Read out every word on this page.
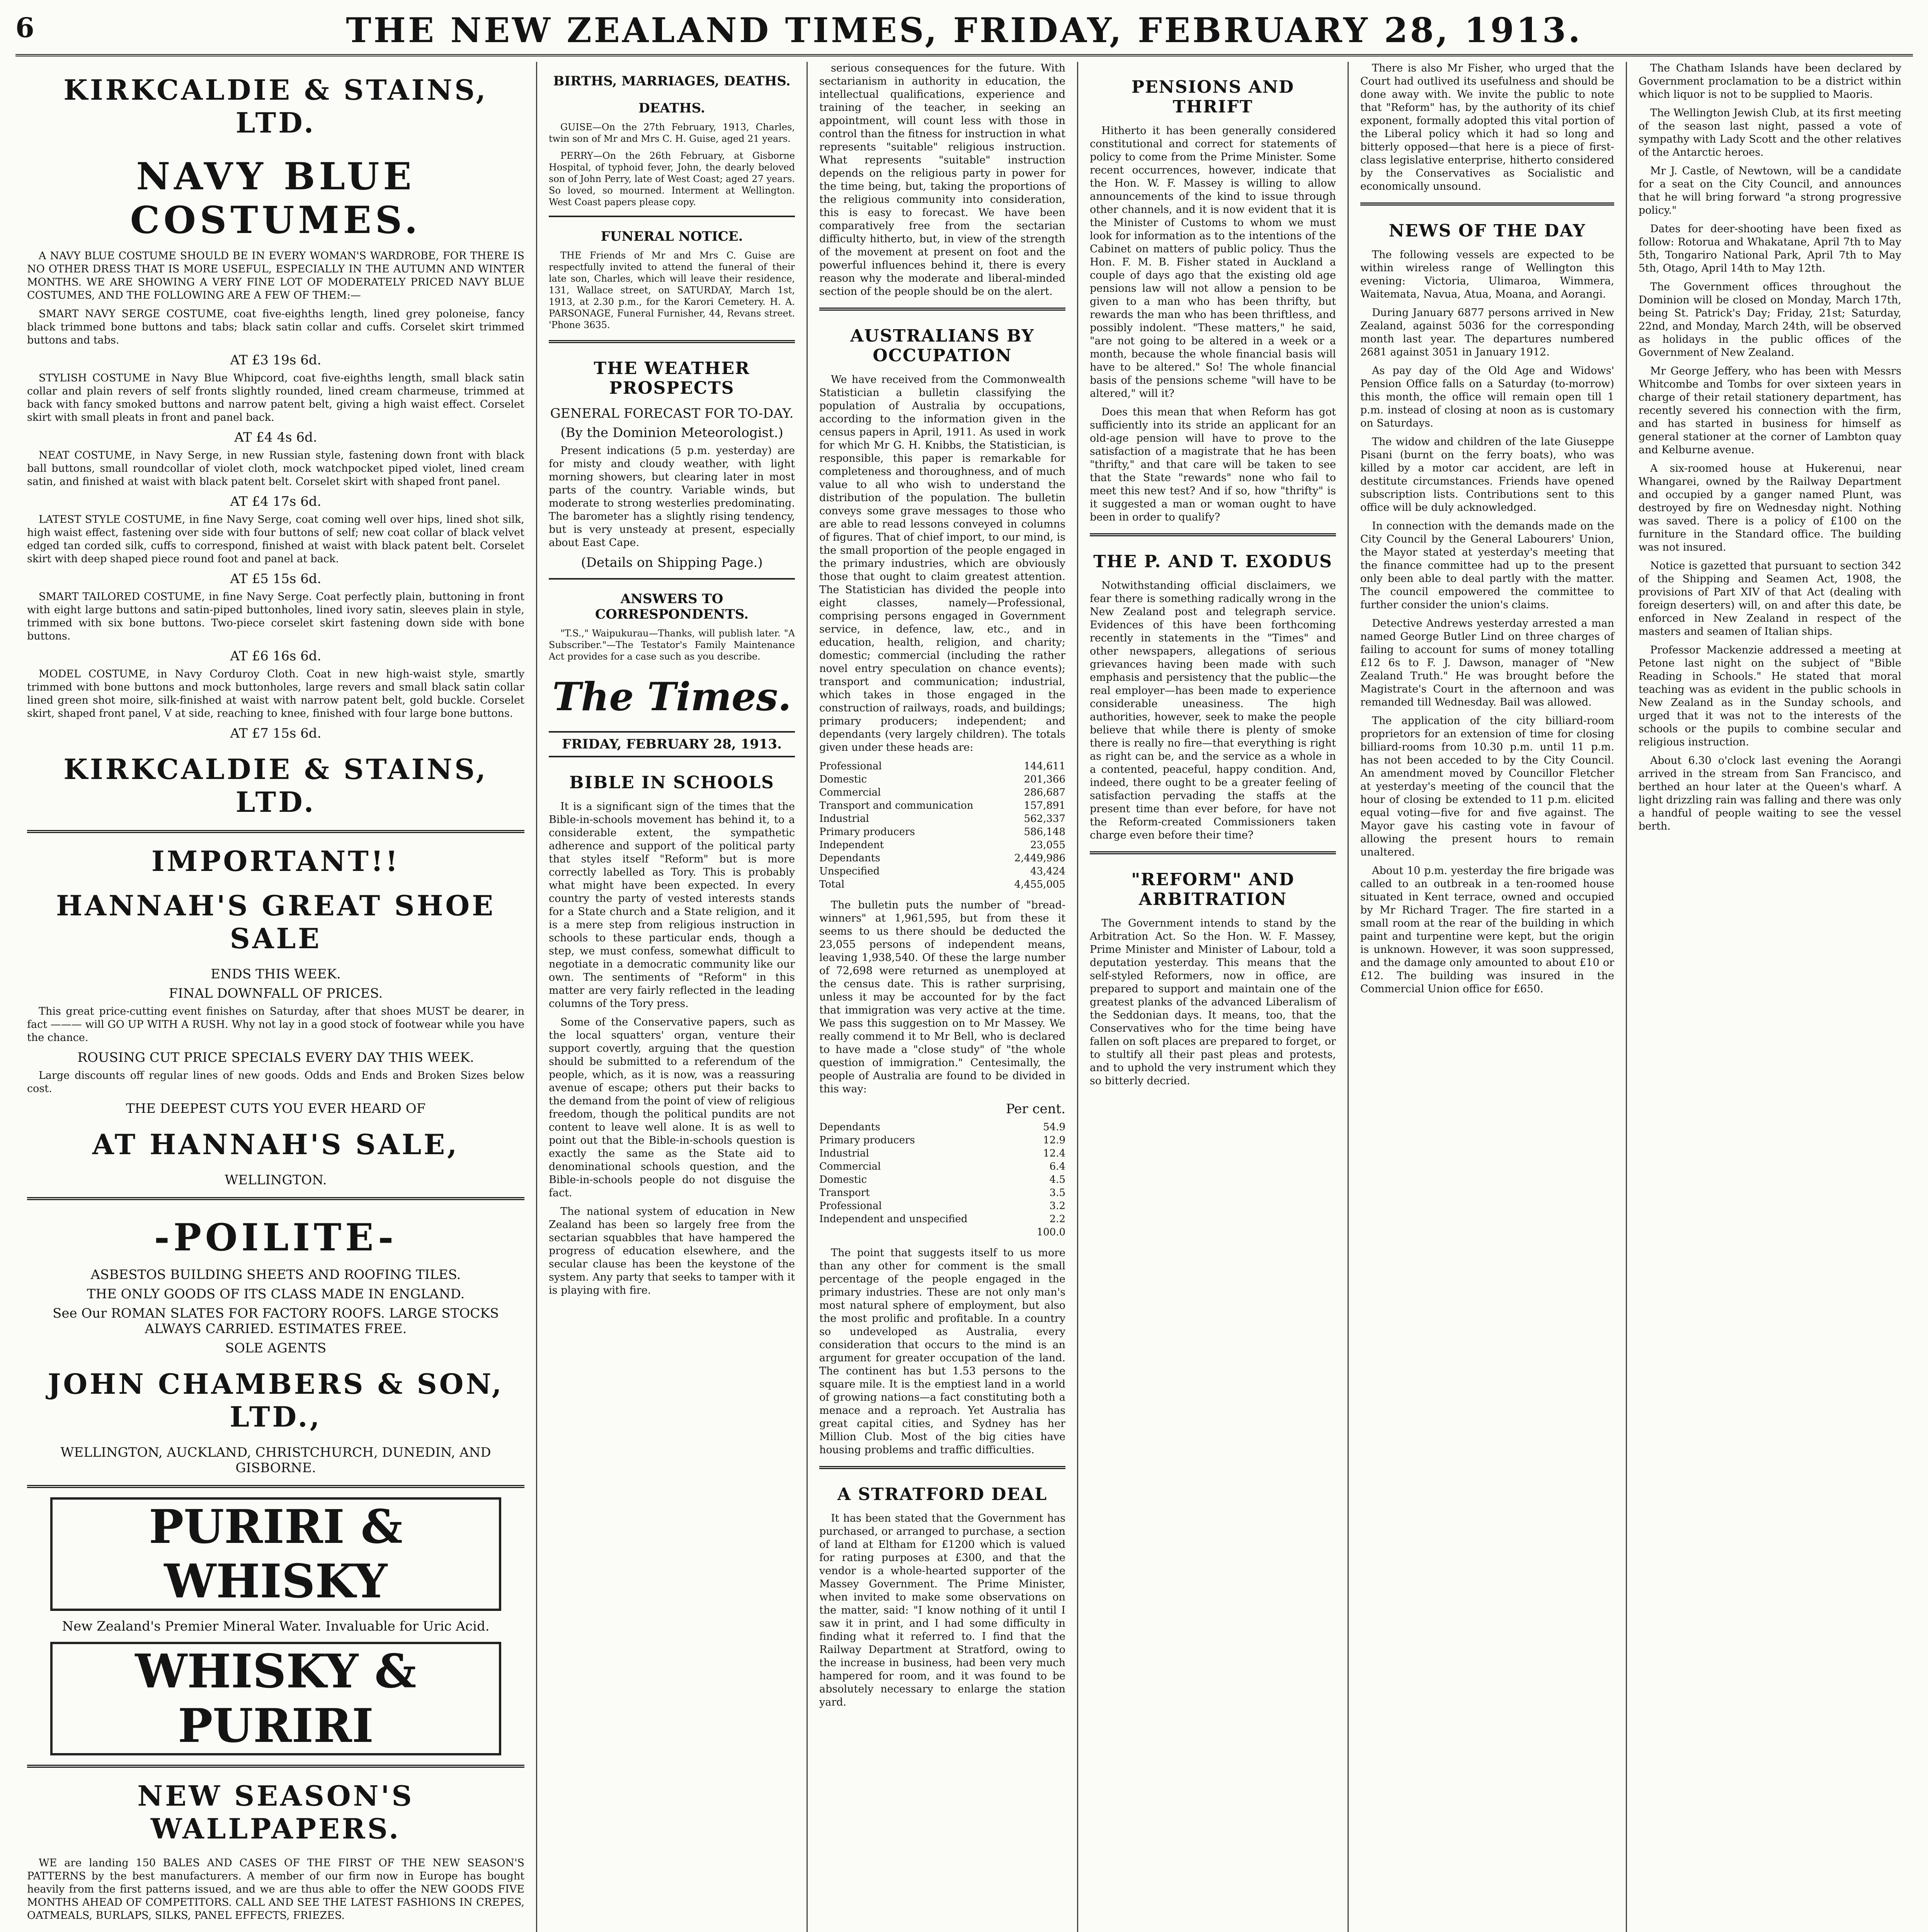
6	THE NEW ZEALAND TIMES, FRIDAY, FEBRUARY 28, 1913.
KIRKCALDIE & STAINS, LTD.
NAVY BLUE COSTUMES.

A NAVY BLUE COSTUME SHOULD BE IN EVERY WOMAN'S WARDROBE, FOR THERE IS NO OTHER DRESS THAT IS MORE USEFUL, ESPECIALLY IN THE AUTUMN AND WINTER MONTHS. WE ARE SHOWING A VERY FINE LOT OF MODERATELY PRICED NAVY BLUE COSTUMES, AND THE FOLLOWING ARE A FEW OF THEM:—

SMART NAVY SERGE COSTUME, coat five-eighths length, lined grey poloneise, fancy black trimmed bone buttons and tabs; black satin collar and cuffs. Corselet skirt trimmed buttons and tabs.

AT £3 19s 6d.

STYLISH COSTUME in Navy Blue Whipcord, coat five-eighths length, small black satin collar and plain revers of self fronts slightly rounded, lined cream charmeuse, trimmed at back with fancy smoked buttons and narrow patent belt, giving a high waist effect. Corselet skirt with small pleats in front and panel back.

AT £4 4s 6d.

NEAT COSTUME, in Navy Serge, in new Russian style, fastening down front with black ball buttons, small roundcollar of violet cloth, mock watchpocket piped violet, lined cream satin, and finished at waist with black patent belt. Corselet skirt with shaped front panel.

AT £4 17s 6d.

LATEST STYLE COSTUME, in fine Navy Serge, coat coming well over hips, lined shot silk, high waist effect, fastening over side with four buttons of self; new coat collar of black velvet edged tan corded silk, cuffs to correspond, finished at waist with black patent belt. Corselet skirt with deep shaped piece round foot and panel at back.

AT £5 15s 6d.

SMART TAILORED COSTUME, in fine Navy Serge. Coat perfectly plain, buttoning in front with eight large buttons and satin-piped buttonholes, lined ivory satin, sleeves plain in style, trimmed with six bone buttons. Two-piece corselet skirt fastening down side with bone buttons.

AT £6 16s 6d.

MODEL COSTUME, in Navy Corduroy Cloth. Coat in new high-waist style, smartly trimmed with bone buttons and mock buttonholes, large revers and small black satin collar lined green shot moire, silk-finished at waist with narrow patent belt, gold buckle. Corselet skirt, shaped front panel, V at side, reaching to knee, finished with four large bone buttons.

AT £7 15s 6d.
KIRKCALDIE & STAINS, LTD.
IMPORTANT!!
HANNAH'S GREAT SHOE SALE
ENDS THIS WEEK.
FINAL DOWNFALL OF PRICES.

This great price-cutting event finishes on Saturday, after that shoes MUST be dearer, in fact ——— will GO UP WITH A RUSH. Why not lay in a good stock of footwear while you have the chance.

ROUSING CUT PRICE SPECIALS EVERY DAY THIS WEEK.

Large discounts off regular lines of new goods. Odds and Ends and Broken Sizes below cost.

THE DEEPEST CUTS YOU EVER HEARD OF
AT HANNAH'S SALE,
WELLINGTON.
-POILITE-
ASBESTOS BUILDING SHEETS AND ROOFING TILES.
THE ONLY GOODS OF ITS CLASS MADE IN ENGLAND.
See Our ROMAN SLATES FOR FACTORY ROOFS. LARGE STOCKS ALWAYS CARRIED. ESTIMATES FREE.
SOLE AGENTS
JOHN CHAMBERS & SON, LTD.,
WELLINGTON, AUCKLAND, CHRISTCHURCH, DUNEDIN, AND GISBORNE.
PURIRI & WHISKY
New Zealand's Premier Mineral Water. Invaluable for Uric Acid.
WHISKY & PURIRI
NEW SEASON'S WALLPAPERS.

WE are landing 150 BALES AND CASES OF THE FIRST OF THE NEW SEASON'S PATTERNS by the best manufacturers. A member of our firm now in Europe has bought heavily from the first patterns issued, and we are thus able to offer the NEW GOODS FIVE MONTHS AHEAD OF COMPETITORS. CALL AND SEE THE LATEST FASHIONS IN CREPES, OATMEALS, BURLAPS, SILKS, PANEL EFFECTS, FRIEZES.

BIRTHS, MARRIAGES, DEATHS.
DEATHS.

GUISE—On the 27th February, 1913, Charles, twin son of Mr and Mrs C. H. Guise, aged 21 years.

PERRY—On the 26th February, at Gisborne Hospital, of typhoid fever, John, the dearly beloved son of John Perry, late of West Coast; aged 27 years. So loved, so mourned. Interment at Wellington. West Coast papers please copy.

FUNERAL NOTICE.

THE Friends of Mr and Mrs C. Guise are respectfully invited to attend the funeral of their late son, Charles, which will leave their residence, 131, Wallace street, on SATURDAY, March 1st, 1913, at 2.30 p.m., for the Karori Cemetery. H. A. PARSONAGE, Funeral Furnisher, 44, Revans street. 'Phone 3635.

THE WEATHER PROSPECTS
GENERAL FORECAST FOR TO-DAY.
(By the Dominion Meteorologist.)

Present indications (5 p.m. yesterday) are for misty and cloudy weather, with light morning showers, but clearing later in most parts of the country. Variable winds, but moderate to strong westerlies predominating. The barometer has a slightly rising tendency, but is very unsteady at present, especially about East Cape.

(Details on Shipping Page.)
ANSWERS TO CORRESPONDENTS.

"T.S.," Waipukurau—Thanks, will publish later. "A Subscriber."—The Testator's Family Maintenance Act provides for a case such as you describe.

The Times.
FRIDAY, FEBRUARY 28, 1913.
BIBLE IN SCHOOLS

It is a significant sign of the times that the Bible-in-schools movement has behind it, to a considerable extent, the sympathetic adherence and support of the political party that styles itself "Reform" but is more correctly labelled as Tory. This is probably what might have been expected. In every country the party of vested interests stands for a State church and a State religion, and it is a mere step from religious instruction in schools to these particular ends, though a step, we must confess, somewhat difficult to negotiate in a democratic community like our own. The sentiments of "Reform" in this matter are very fairly reflected in the leading columns of the Tory press.

Some of the Conservative papers, such as the local squatters' organ, venture their support covertly, arguing that the question should be submitted to a referendum of the people, which, as it is now, was a reassuring avenue of escape; others put their backs to the demand from the point of view of religious freedom, though the political pundits are not content to leave well alone. It is as well to point out that the Bible-in-schools question is exactly the same as the State aid to denominational schools question, and the Bible-in-schools people do not disguise the fact.

The national system of education in New Zealand has been so largely free from the sectarian squabbles that have hampered the progress of education elsewhere, and the secular clause has been the keystone of the system. Any party that seeks to tamper with it is playing with fire.

serious consequences for the future. With sectarianism in authority in education, the intellectual qualifications, experience and training of the teacher, in seeking an appointment, will count less with those in control than the fitness for instruction in what represents "suitable" religious instruction. What represents "suitable" instruction depends on the religious party in power for the time being, but, taking the proportions of the religious community into consideration, this is easy to forecast. We have been comparatively free from the sectarian difficulty hitherto, but, in view of the strength of the movement at present on foot and the powerful influences behind it, there is every reason why the moderate and liberal-minded section of the people should be on the alert.

AUSTRALIANS BY OCCUPATION

We have received from the Commonwealth Statistician a bulletin classifying the population of Australia by occupations, according to the information given in the census papers in April, 1911. As used in work for which Mr G. H. Knibbs, the Statistician, is responsible, this paper is remarkable for completeness and thoroughness, and of much value to all who wish to understand the distribution of the population. The bulletin conveys some grave messages to those who are able to read lessons conveyed in columns of figures. That of chief import, to our mind, is the small proportion of the people engaged in the primary industries, which are obviously those that ought to claim greatest attention. The Statistician has divided the people into eight classes, namely—Professional, comprising persons engaged in Government service, in defence, law, etc., and in education, health, religion, and charity; domestic; commercial (including the rather novel entry speculation on chance events); transport and communication; industrial, which takes in those engaged in the construction of railways, roads, and buildings; primary producers; independent; and dependants (very largely children). The totals given under these heads are:

Professional	144,611
Domestic	201,366
Commercial	286,687
Transport and communication	157,891
Industrial	562,337
Primary producers	586,148
Independent	23,055
Dependants	2,449,986
Unspecified	43,424
Total	4,455,005

The bulletin puts the number of "bread-winners" at 1,961,595, but from these it seems to us there should be deducted the 23,055 persons of independent means, leaving 1,938,540. Of these the large number of 72,698 were returned as unemployed at the census date. This is rather surprising, unless it may be accounted for by the fact that immigration was very active at the time. We pass this suggestion on to Mr Massey. We really commend it to Mr Bell, who is declared to have made a "close study" of "the whole question of immigration." Centesimally, the people of Australia are found to be divided in this way:

Per cent.
Dependants	54.9
Primary producers	12.9
Industrial	12.4
Commercial	6.4
Domestic	4.5
Transport	3.5
Professional	3.2
Independent and unspecified	2.2
	100.0

The point that suggests itself to us more than any other for comment is the small percentage of the people engaged in the primary industries. These are not only man's most natural sphere of employment, but also the most prolific and profitable. In a country so undeveloped as Australia, every consideration that occurs to the mind is an argument for greater occupation of the land. The continent has but 1.53 persons to the square mile. It is the emptiest land in a world of growing nations—a fact constituting both a menace and a reproach. Yet Australia has great capital cities, and Sydney has her Million Club. Most of the big cities have housing problems and traffic difficulties.

A STRATFORD DEAL

It has been stated that the Government has purchased, or arranged to purchase, a section of land at Eltham for £1200 which is valued for rating purposes at £300, and that the vendor is a whole-hearted supporter of the Massey Government. The Prime Minister, when invited to make some observations on the matter, said: "I know nothing of it until I saw it in print, and I had some difficulty in finding what it referred to. I find that the Railway Department at Stratford, owing to the increase in business, had been very much hampered for room, and it was found to be absolutely necessary to enlarge the station yard.

PENSIONS AND THRIFT

Hitherto it has been generally considered constitutional and correct for statements of policy to come from the Prime Minister. Some recent occurrences, however, indicate that the Hon. W. F. Massey is willing to allow announcements of the kind to issue through other channels, and it is now evident that it is the Minister of Customs to whom we must look for information as to the intentions of the Cabinet on matters of public policy. Thus the Hon. F. M. B. Fisher stated in Auckland a couple of days ago that the existing old age pensions law will not allow a pension to be given to a man who has been thrifty, but rewards the man who has been thriftless, and possibly indolent. "These matters," he said, "are not going to be altered in a week or a month, because the whole financial basis will have to be altered." So! The whole financial basis of the pensions scheme "will have to be altered," will it?

Does this mean that when Reform has got sufficiently into its stride an applicant for an old-age pension will have to prove to the satisfaction of a magistrate that he has been "thrifty," and that care will be taken to see that the State "rewards" none who fail to meet this new test? And if so, how "thrifty" is it suggested a man or woman ought to have been in order to qualify?

THE P. AND T. EXODUS

Notwithstanding official disclaimers, we fear there is something radically wrong in the New Zealand post and telegraph service. Evidences of this have been forthcoming recently in statements in the "Times" and other newspapers, allegations of serious grievances having been made with such emphasis and persistency that the public—the real employer—has been made to experience considerable uneasiness. The high authorities, however, seek to make the people believe that while there is plenty of smoke there is really no fire—that everything is right as right can be, and the service as a whole in a contented, peaceful, happy condition. And, indeed, there ought to be a greater feeling of satisfaction pervading the staffs at the present time than ever before, for have not the Reform-created Commissioners taken charge even before their time?

"REFORM" AND ARBITRATION

The Government intends to stand by the Arbitration Act. So the Hon. W. F. Massey, Prime Minister and Minister of Labour, told a deputation yesterday. This means that the self-styled Reformers, now in office, are prepared to support and maintain one of the greatest planks of the advanced Liberalism of the Seddonian days. It means, too, that the Conservatives who for the time being have fallen on soft places are prepared to forget, or to stultify all their past pleas and protests, and to uphold the very instrument which they so bitterly decried.

There is also Mr Fisher, who urged that the Court had outlived its usefulness and should be done away with. We invite the public to note that "Reform" has, by the authority of its chief exponent, formally adopted this vital portion of the Liberal policy which it had so long and bitterly opposed—that here is a piece of first-class legislative enterprise, hitherto considered by the Conservatives as Socialistic and economically unsound.

NEWS OF THE DAY

The following vessels are expected to be within wireless range of Wellington this evening: Victoria, Ulimaroa, Wimmera, Waitemata, Navua, Atua, Moana, and Aorangi.

During January 6877 persons arrived in New Zealand, against 5036 for the corresponding month last year. The departures numbered 2681 against 3051 in January 1912.

As pay day of the Old Age and Widows' Pension Office falls on a Saturday (to-morrow) this month, the office will remain open till 1 p.m. instead of closing at noon as is customary on Saturdays.

The widow and children of the late Giuseppe Pisani (burnt on the ferry boats), who was killed by a motor car accident, are left in destitute circumstances. Friends have opened subscription lists. Contributions sent to this office will be duly acknowledged.

In connection with the demands made on the City Council by the General Labourers' Union, the Mayor stated at yesterday's meeting that the finance committee had up to the present only been able to deal partly with the matter. The council empowered the committee to further consider the union's claims.

Detective Andrews yesterday arrested a man named George Butler Lind on three charges of failing to account for sums of money totalling £12 6s to F. J. Dawson, manager of "New Zealand Truth." He was brought before the Magistrate's Court in the afternoon and was remanded till Wednesday. Bail was allowed.

The application of the city billiard-room proprietors for an extension of time for closing billiard-rooms from 10.30 p.m. until 11 p.m. has not been acceded to by the City Council. An amendment moved by Councillor Fletcher at yesterday's meeting of the council that the hour of closing be extended to 11 p.m. elicited equal voting—five for and five against. The Mayor gave his casting vote in favour of allowing the present hours to remain unaltered.

About 10 p.m. yesterday the fire brigade was called to an outbreak in a ten-roomed house situated in Kent terrace, owned and occupied by Mr Richard Trager. The fire started in a small room at the rear of the building in which paint and turpentine were kept, but the origin is unknown. However, it was soon suppressed, and the damage only amounted to about £10 or £12. The building was insured in the Commercial Union office for £650.

The Chatham Islands have been declared by Government proclamation to be a district within which liquor is not to be supplied to Maoris.

The Wellington Jewish Club, at its first meeting of the season last night, passed a vote of sympathy with Lady Scott and the other relatives of the Antarctic heroes.

Mr J. Castle, of Newtown, will be a candidate for a seat on the City Council, and announces that he will bring forward "a strong progressive policy."

Dates for deer-shooting have been fixed as follow: Rotorua and Whakatane, April 7th to May 5th, Tongariro National Park, April 7th to May 5th, Otago, April 14th to May 12th.

The Government offices throughout the Dominion will be closed on Monday, March 17th, being St. Patrick's Day; Friday, 21st; Saturday, 22nd, and Monday, March 24th, will be observed as holidays in the public offices of the Government of New Zealand.

Mr George Jeffery, who has been with Messrs Whitcombe and Tombs for over sixteen years in charge of their retail stationery department, has recently severed his connection with the firm, and has started in business for himself as general stationer at the corner of Lambton quay and Kelburne avenue.

A six-roomed house at Hukerenui, near Whangarei, owned by the Railway Department and occupied by a ganger named Plunt, was destroyed by fire on Wednesday night. Nothing was saved. There is a policy of £100 on the furniture in the Standard office. The building was not insured.

Notice is gazetted that pursuant to section 342 of the Shipping and Seamen Act, 1908, the provisions of Part XIV of that Act (dealing with foreign deserters) will, on and after this date, be enforced in New Zealand in respect of the masters and seamen of Italian ships.

Professor Mackenzie addressed a meeting at Petone last night on the subject of "Bible Reading in Schools." He stated that moral teaching was as evident in the public schools in New Zealand as in the Sunday schools, and urged that it was not to the interests of the schools or the pupils to combine secular and religious instruction.

About 6.30 o'clock last evening the Aorangi arrived in the stream from San Francisco, and berthed an hour later at the Queen's wharf. A light drizzling rain was falling and there was only a handful of people waiting to see the vessel berth.
